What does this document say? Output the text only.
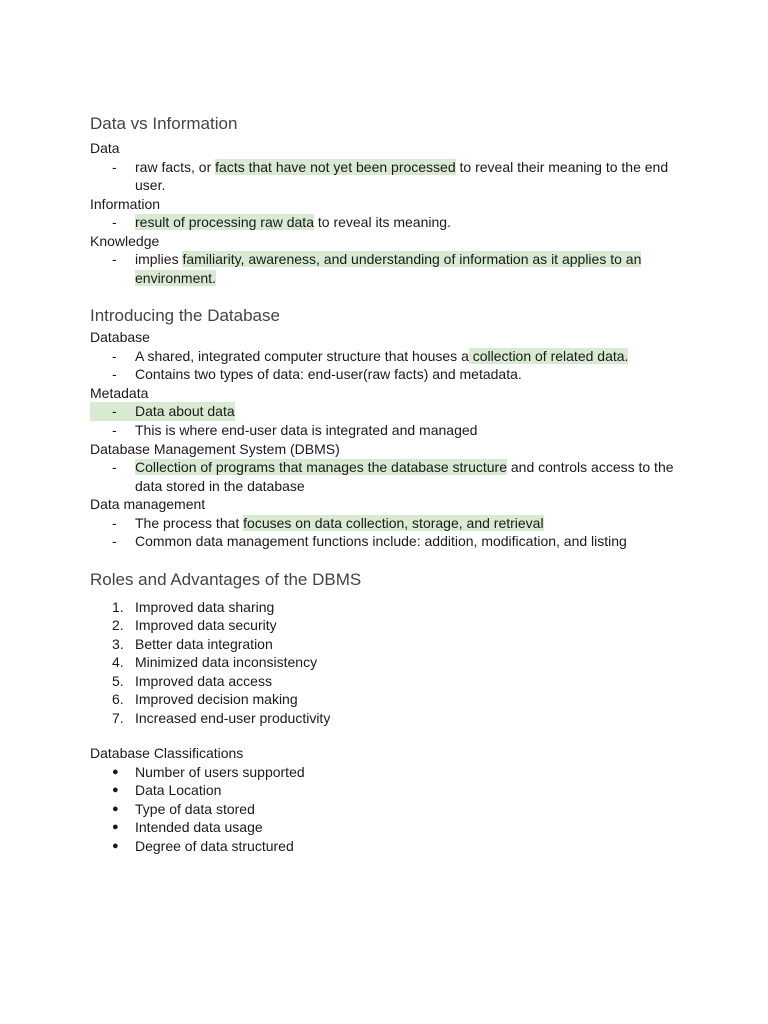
Data vs Information

Data

- raw facts, or facts that have not yet been processed to reveal their meaning to the end user.

Information

- result of processing raw data to reveal its meaning.

Knowledge

- implies familiarity, awareness, and understanding of information as it applies to an environment.
Introducing the Database

Database

- A shared, integrated computer structure that houses a collection of related data.
- Contains two types of data: end-user(raw facts) and metadata.

Metadata

- Data about data
- This is where end-user data is integrated and managed

Database Management System (DBMS)

- Collection of programs that manages the database structure and controls access to the data stored in the database

Data management

- The process that focuses on data collection, storage, and retrieval
- Common data management functions include: addition, modification, and listing
Roles and Advantages of the DBMS
1. Improved data sharing
2. Improved data security
3. Better data integration
4. Minimized data inconsistency
5. Improved data access
6. Improved decision making
7. Increased end-user productivity

Database Classifications

● Number of users supported
● Data Location
● Type of data stored
● Intended data usage
● Degree of data structured
